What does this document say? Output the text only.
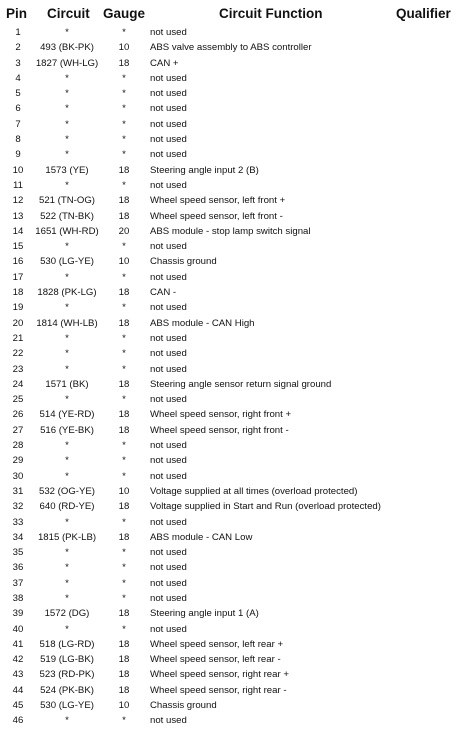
Pin Circuit Gauge	Circuit Function	Qualifier
1	*	*	not used
2	493 (BK-PK)	10	ABS valve assembly to ABS controller
3	1827 (WH-LG)	18	CAN +
4	*	*	not used
5	*	*	not used
6	*	*	not used
7	*	*	not used
8	*	*	not used
9	*	*	not used
10	1573 (YE)	18	Steering angle input 2 (B)
11	*	*	not used
12	521 (TN-OG)	18	Wheel speed sensor, left front +
13	522 (TN-BK)	18	Wheel speed sensor, left front -
14	1651 (WH-RD)	20	ABS module - stop lamp switch signal
15	*	*	not used
16	530 (LG-YE)	10	Chassis ground
17	*	*	not used
18	1828 (PK-LG)	18	CAN -
19	*	*	not used
20	1814 (WH-LB)	18	ABS module - CAN High
21	*	*	not used
22	*	*	not used
23	*	*	not used
24	1571 (BK)	18	Steering angle sensor return signal ground
25	*	*	not used
26	514 (YE-RD)	18	Wheel speed sensor, right front +
27	516 (YE-BK)	18	Wheel speed sensor, right front -
28	*	*	not used
29	*	*	not used
30	*	*	not used
31	532 (OG-YE)	10	Voltage supplied at all times (overload protected)
32	640 (RD-YE)	18	Voltage supplied in Start and Run (overload protected)
33	*	*	not used
34	1815 (PK-LB)	18	ABS module - CAN Low
35	*	*	not used
36	*	*	not used
37	*	*	not used
38	*	*	not used
39	1572 (DG)	18	Steering angle input 1 (A)
40	*	*	not used
41	518 (LG-RD)	18	Wheel speed sensor, left rear +
42	519 (LG-BK)	18	Wheel speed sensor, left rear -
43	523 (RD-PK)	18	Wheel speed sensor, right rear +
44	524 (PK-BK)	18	Wheel speed sensor, right rear -
45	530 (LG-YE)	10	Chassis ground
46	*	*	not used
